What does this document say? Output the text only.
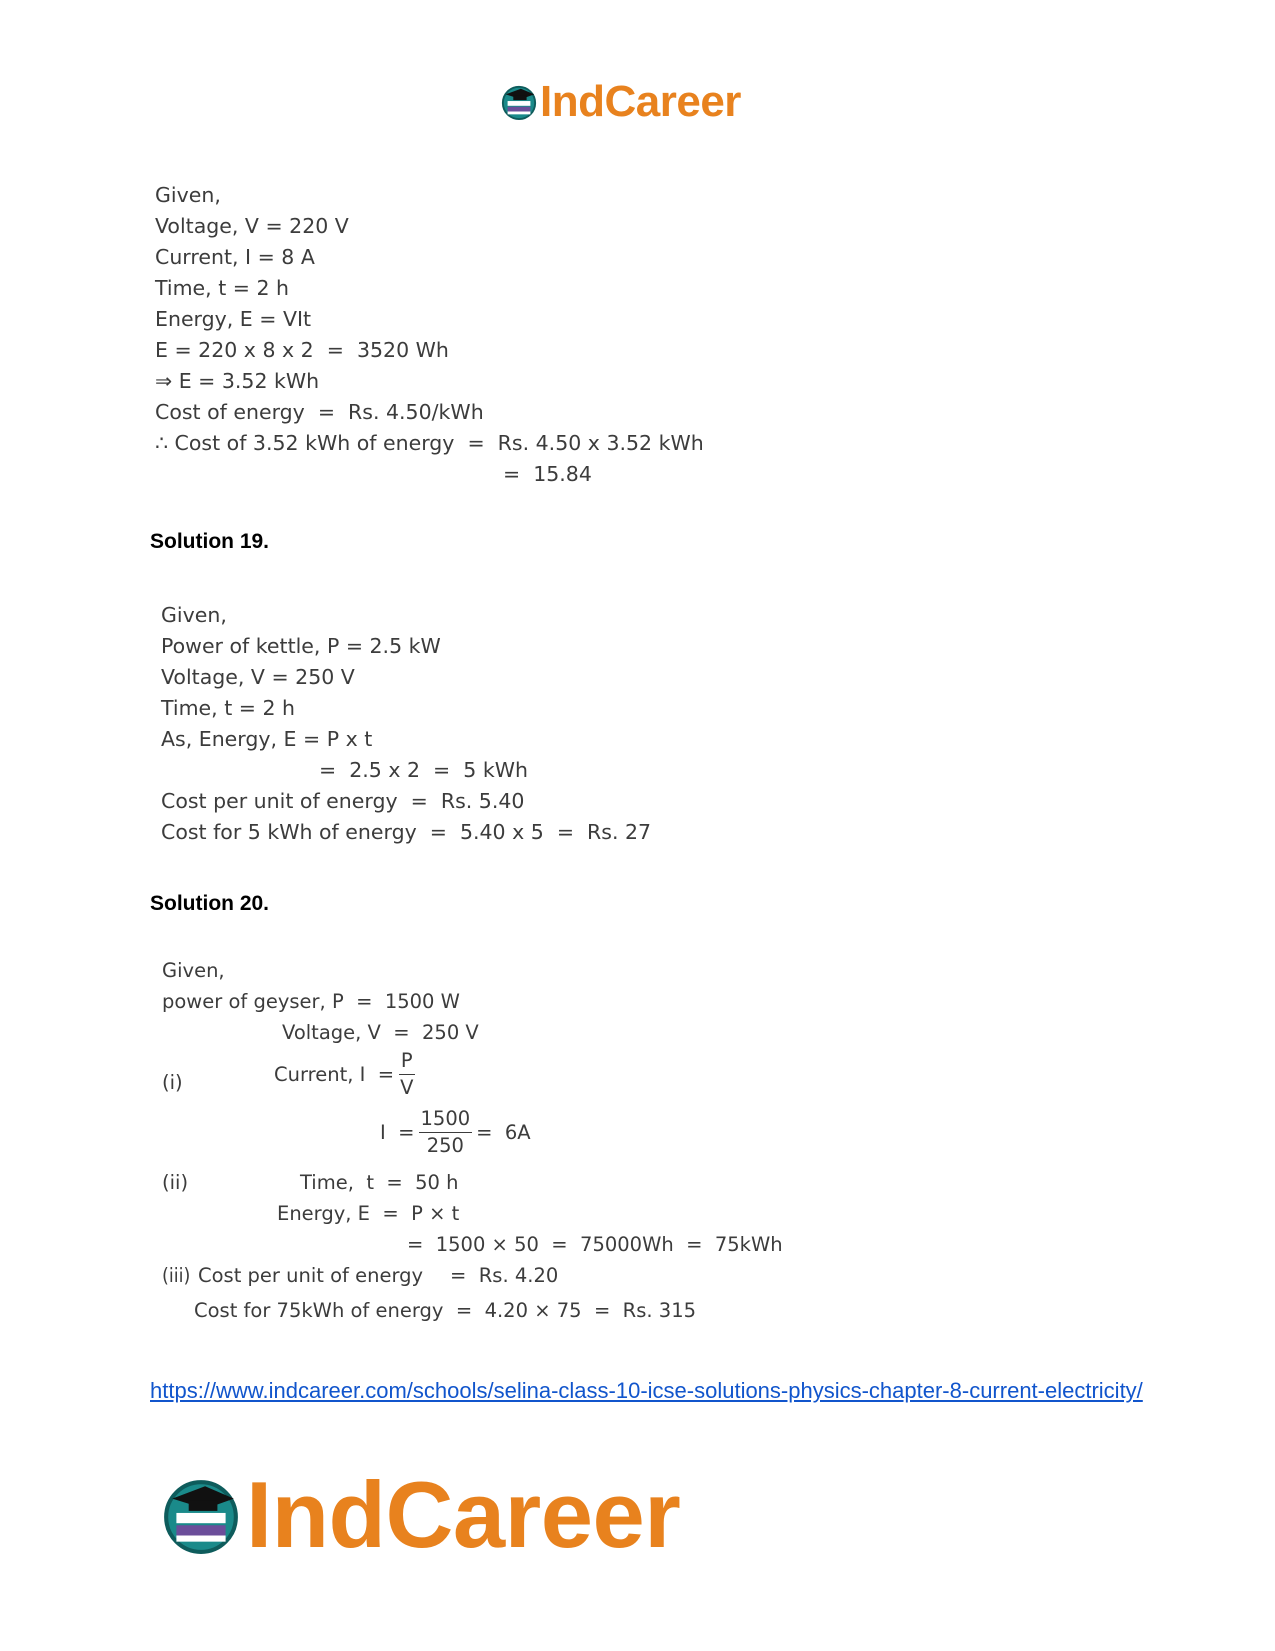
IndCareer

Given,

Voltage, V = 220 V

Current, I = 8 A

Time, t = 2 h

Energy, E = VIt

E = 220 x 8 x 2  =  3520 Wh

⇒ E = 3.52 kWh

Cost of energy  =  Rs. 4.50/kWh

∴ Cost of 3.52 kWh of energy  =  Rs. 4.50 x 3.52 kWh

=  15.84

Solution 19.

Given,

Power of kettle, P = 2.5 kW

Voltage, V = 250 V

Time, t = 2 h

As, Energy, E = P x t

=  2.5 x 2  =  5 kWh

Cost per unit of energy  =  Rs. 5.40

Cost for 5 kWh of energy  =  5.40 x 5  =  Rs. 27

Solution 20.

Given,

power of geyser, P  =  1500 W

Voltage, V  =  250 V

(i)

	Current, $I = \frac{P}{V}$

$I = \frac{1500}{250} = 6A$

(ii)

	Time,  t  =  50 h

Energy, E  =  P × t

=  1500 × 50  =  75000Wh  =  75kWh

(iii)

Cost per unit of energy

=  Rs. 4.20

Cost for 75kWh of energy  =  4.20 × 75  =  Rs. 315

https://www.indcareer.com/schools/selina-class-10-icse-solutions-physics-chapter-8-current-electricity/
IndCareer
